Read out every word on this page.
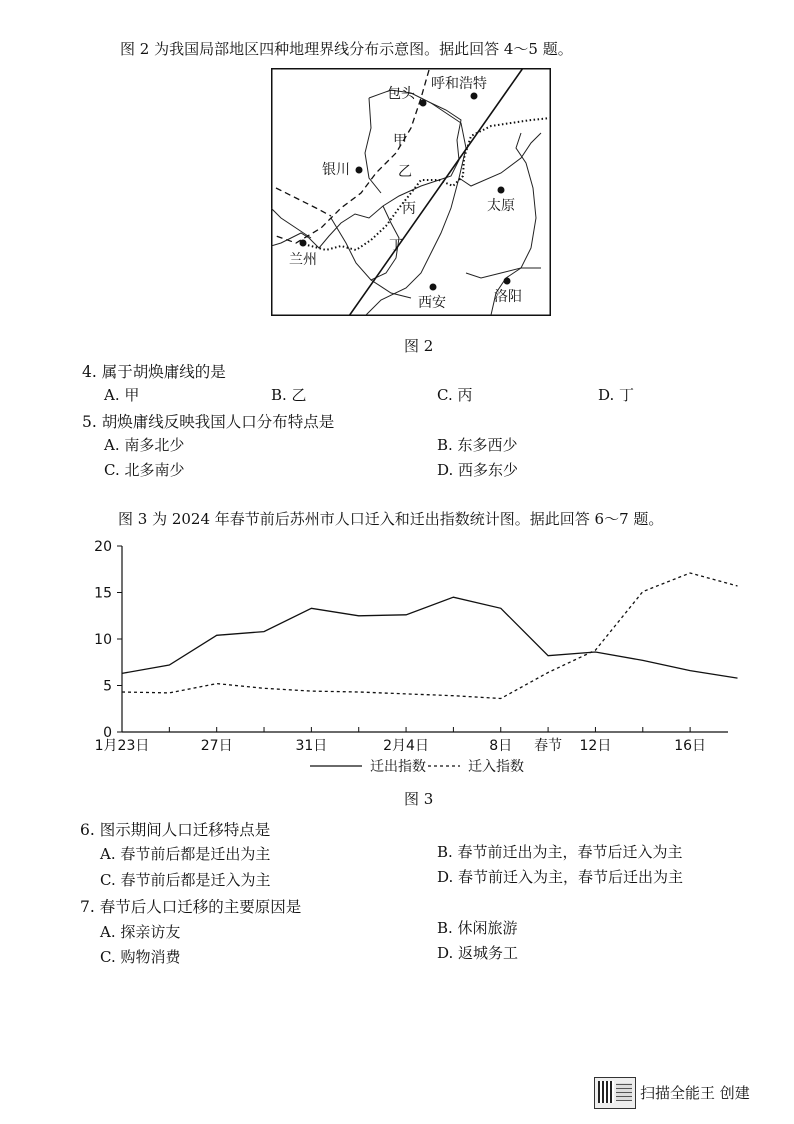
图 2 为我国局部地区四种地理界线分布示意图。据此回答 4～5 题。
包头
呼和浩特
银川
太原
兰州
西安	洛阳
甲
乙
丙
丁
图 2
4. 属于胡焕庸线的是
A. 甲	B. 乙	C. 丙	D. 丁
5. 胡焕庸线反映我国人口分布特点是
A. 南多北少	B. 东多西少
C. 北多南少	D. 西多东少
图 3 为 2024 年春节前后苏州市人口迁入和迁出指数统计图。据此回答 6～7 题。
0
5
10
15
20
1月23日	27日	31日	2月4日	8日 春节 12日	16日
迁出指数	迁入指数
图 3
6. 图示期间人口迁移特点是
A. 春节前后都是迁出为主	B. 春节前迁出为主，春节后迁入为主
C. 春节前后都是迁入为主	D. 春节前迁入为主，春节后迁出为主
7. 春节后人口迁移的主要原因是
A. 探亲访友	B. 休闲旅游
C. 购物消费	D. 返城务工
扫描全能王 创建
